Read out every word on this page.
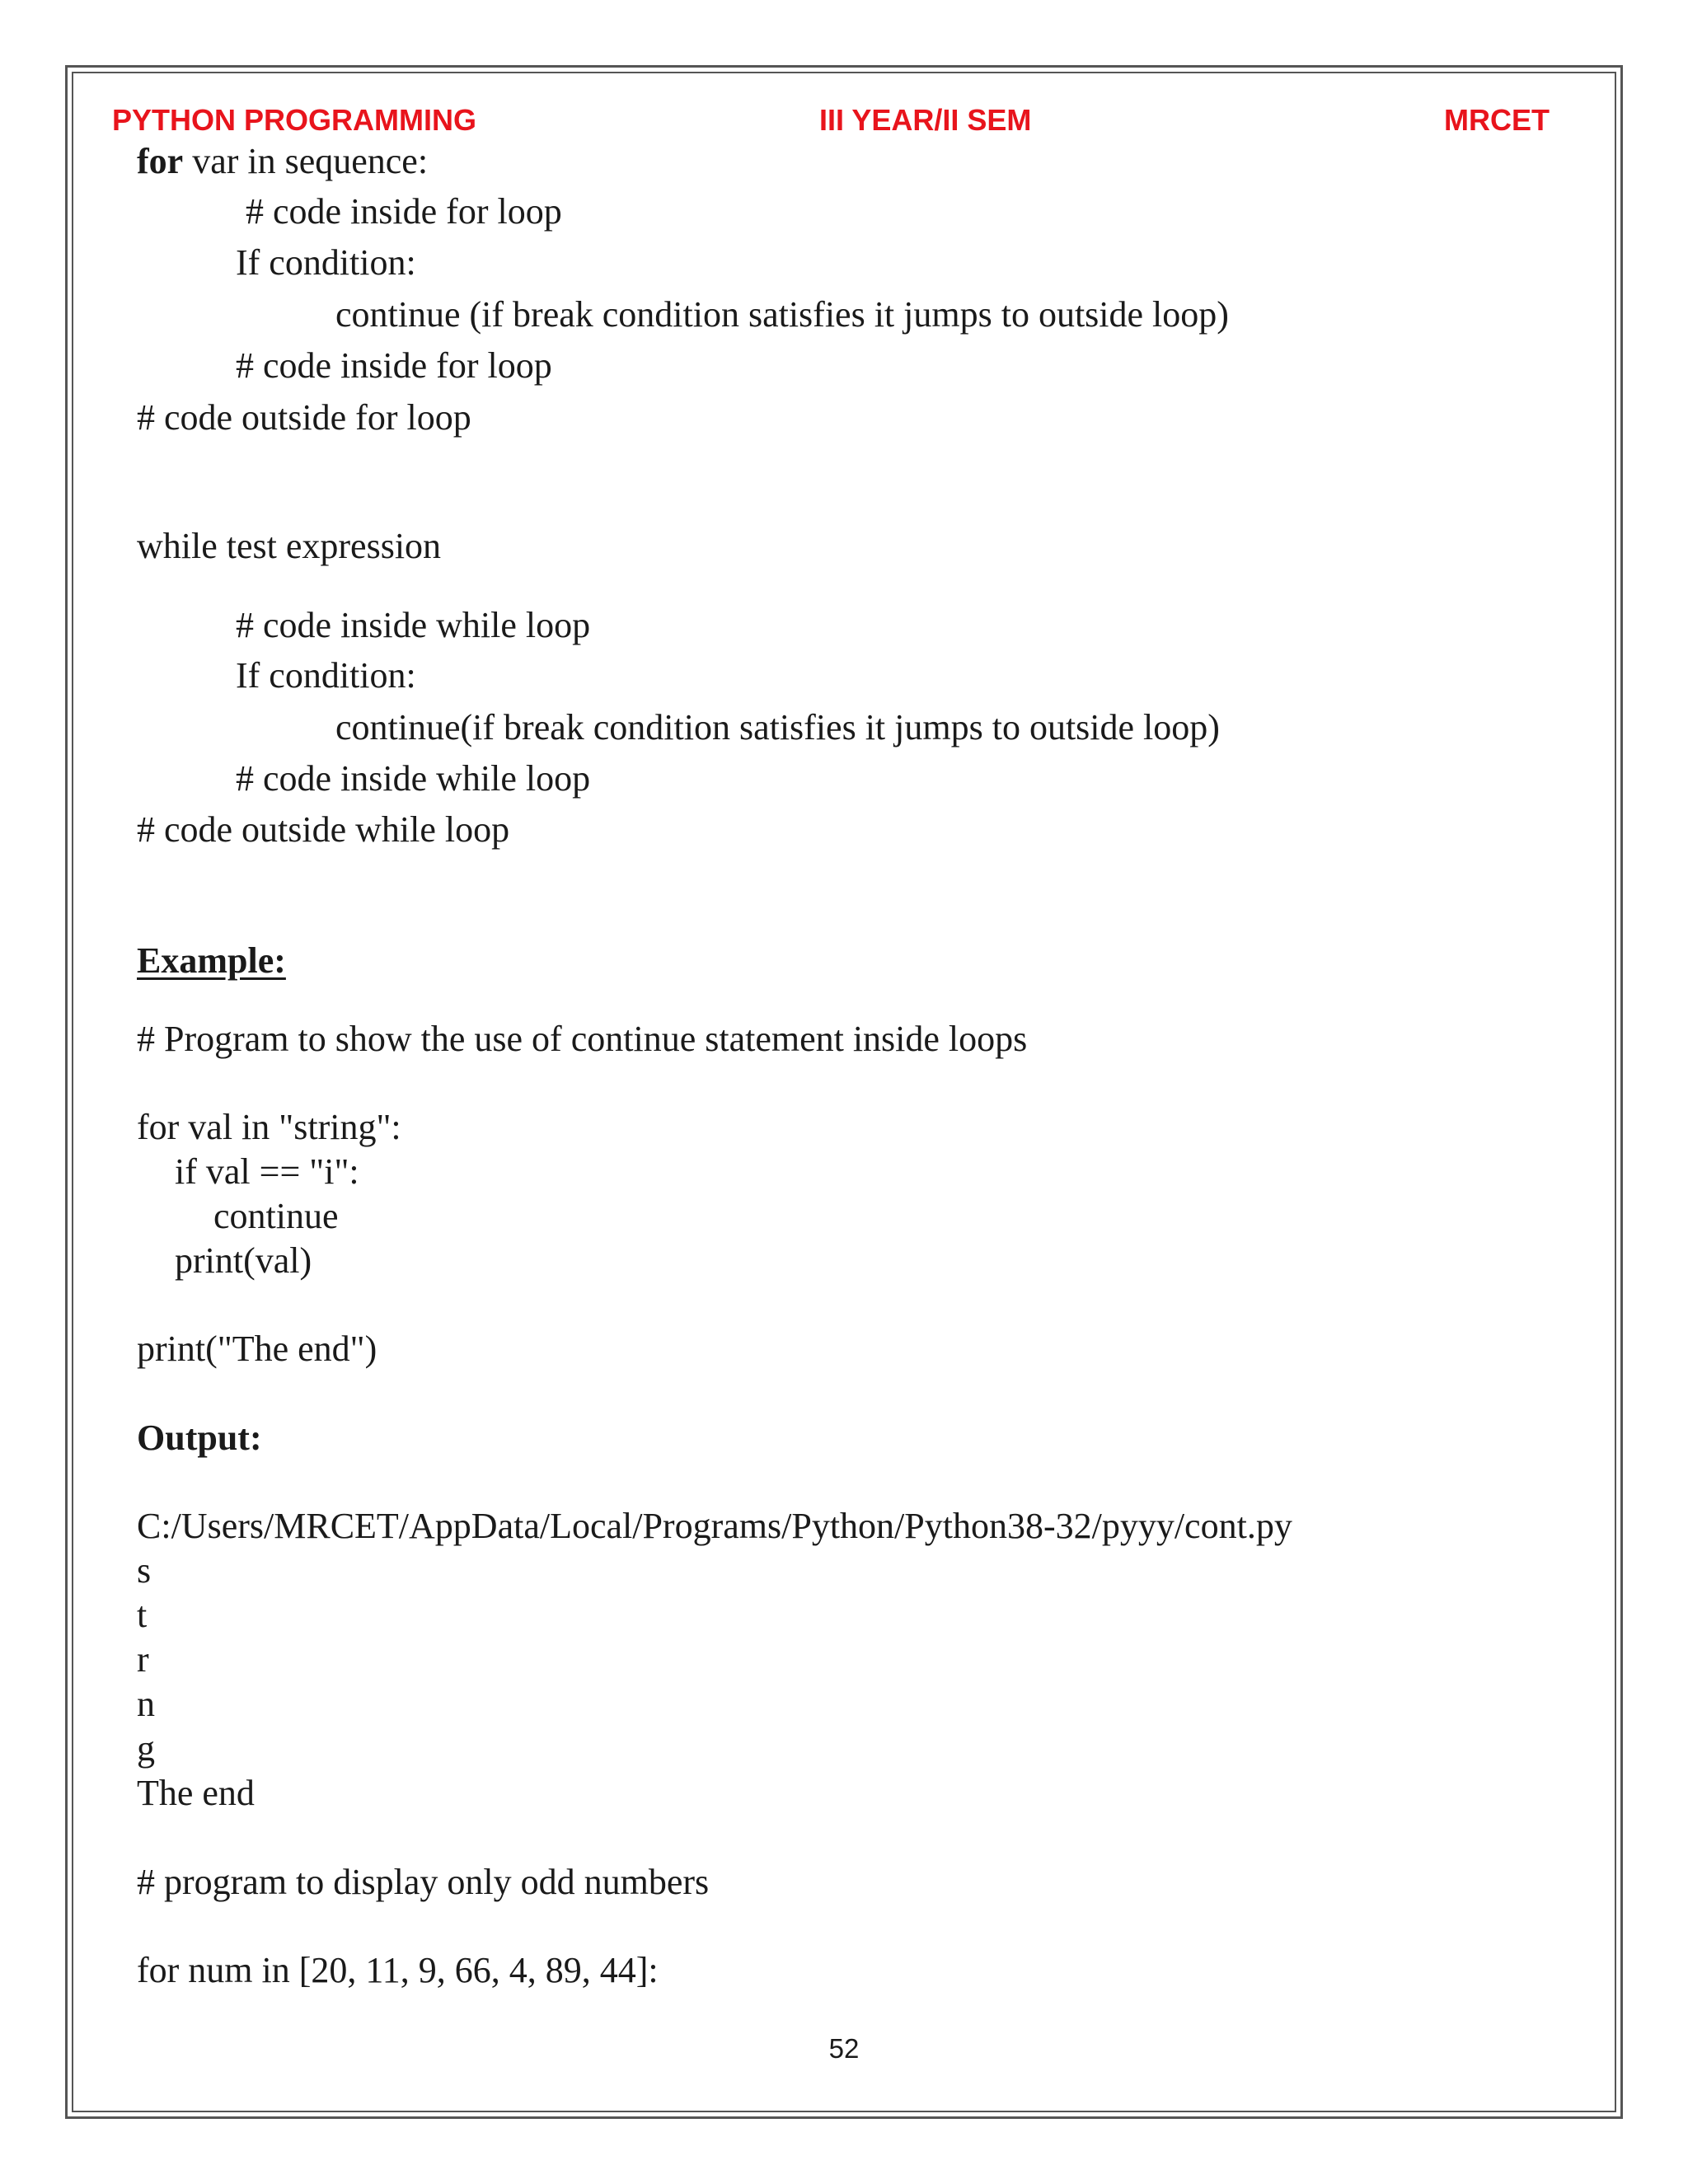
PYTHON PROGRAMMING	III YEAR/II SEM	MRCET
for var in sequence:
# code inside for loop
If condition:
continue (if break condition satisfies it jumps to outside loop)
# code inside for loop
# code outside for loop
while test expression
# code inside while loop
If condition:
continue(if break condition satisfies it jumps to outside loop)
# code inside while loop
# code outside while loop
Example:
# Program to show the use of continue statement inside loops
for val in "string":
if val == "i":
continue
print(val)
print("The end")
Output:
C:/Users/MRCET/AppData/Local/Programs/Python/Python38-32/pyyy/cont.py
s
t
r
n
g
The end
# program to display only odd numbers
for num in [20, 11, 9, 66, 4, 89, 44]:
52
